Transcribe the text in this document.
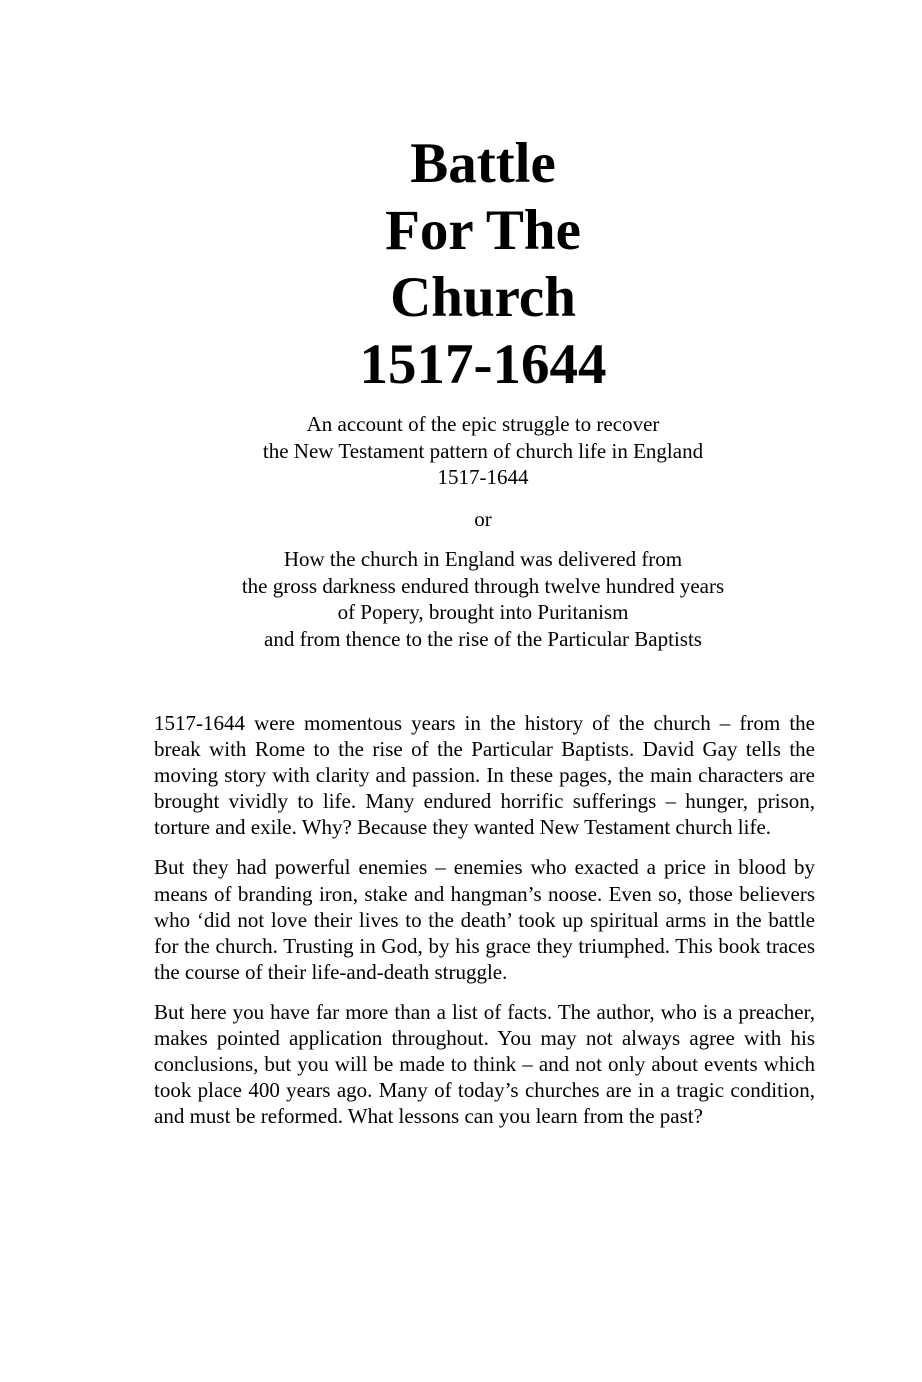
Battle

For The

Church

1517-1644

An account of the epic struggle to recover

the New Testament pattern of church life in England

1517-1644

or

How the church in England was delivered from

the gross darkness endured through twelve hundred years

of Popery, brought into Puritanism

and from thence to the rise of the Particular Baptists

1517-1644 were momentous years in the history of the church – from the break with Rome to the rise of the Particular Baptists. David Gay tells the moving story with clarity and passion. In these pages, the main characters are brought vividly to life. Many endured horrific sufferings – hunger, prison, torture and exile. Why? Because they wanted New Testament church life.

But they had powerful enemies – enemies who exacted a price in blood by means of branding iron, stake and hangman’s noose. Even so, those believers who ‘did not love their lives to the death’ took up spiritual arms in the battle for the church. Trusting in God, by his grace they triumphed. This book traces the course of their life-and-death struggle.

But here you have far more than a list of facts. The author, who is a preacher, makes pointed application throughout. You may not always agree with his conclusions, but you will be made to think – and not only about events which took place 400 years ago. Many of today’s churches are in a tragic condition, and must be reformed. What lessons can you learn from the past?
